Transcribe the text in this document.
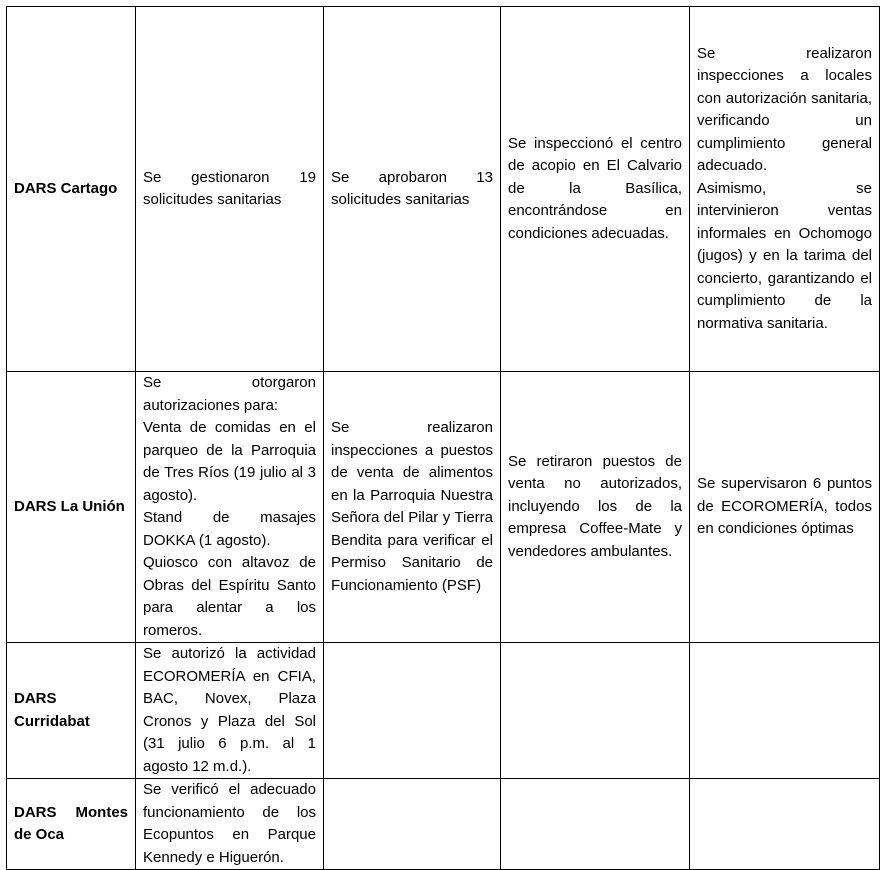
DARS Cartago	Se gestionaron 19 solicitudes sanitarias	Se aprobaron 13 solicitudes sanitarias	Se inspeccionó el centro de acopio en El Calvario de la Basílica, encontrándose en condiciones adecuadas.	Se realizaron inspecciones a locales con autorización sanitaria, verificando un cumplimiento general adecuado.
Asimismo, se intervinieron ventas informales en Ochomogo (jugos) y en la tarima del concierto, garantizando el cumplimiento de la normativa sanitaria.

DARS La Unión	Se otorgaron autorizaciones para:
Venta de comidas en el parqueo de la Parroquia de Tres Ríos (19 julio al 3 agosto).
Stand de masajes DOKKA (1 agosto).
Quiosco con altavoz de Obras del Espíritu Santo para alentar a los romeros.	Se realizaron inspecciones a puestos de venta de alimentos en la Parroquia Nuestra Señora del Pilar y Tierra Bendita para verificar el Permiso Sanitario de Funcionamiento (PSF)	Se retiraron puestos de venta no autorizados, incluyendo los de la empresa Coffee-Mate y vendedores ambulantes.	Se supervisaron 6 puntos de ECOROMERÍA, todos en condiciones óptimas
DARS Curridabat	Se autorizó la actividad ECOROMERÍA en CFIA, BAC, Novex, Plaza Cronos y Plaza del Sol (31 julio 6 p.m. al 1 agosto 12 m.d.).			
DARS Montes de Oca	Se verificó el adecuado funcionamiento de los Ecopuntos en Parque Kennedy e Higuerón.			
